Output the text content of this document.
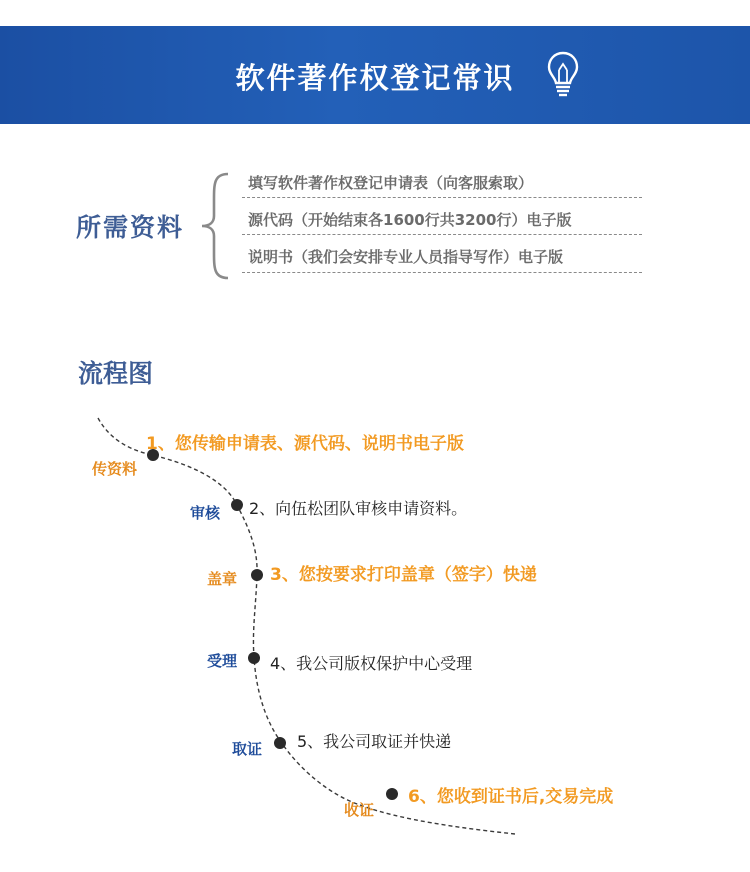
软件著作权登记常识
所需资料
填写软件著作权登记申请表（向客服索取）
源代码（开始结束各1600行共3200行）电子版
说明书（我们会安排专业人员指导写作）电子版
流程图
传资料
1、您传输申请表、源代码、说明书电子版
审核 2、向伍松团队审核申请资料。
盖章 3、您按要求打印盖章（签字）快递
受理 4、我公司版权保护中心受理
取证 5、我公司取证并快递
收证
6、您收到证书后,交易完成
